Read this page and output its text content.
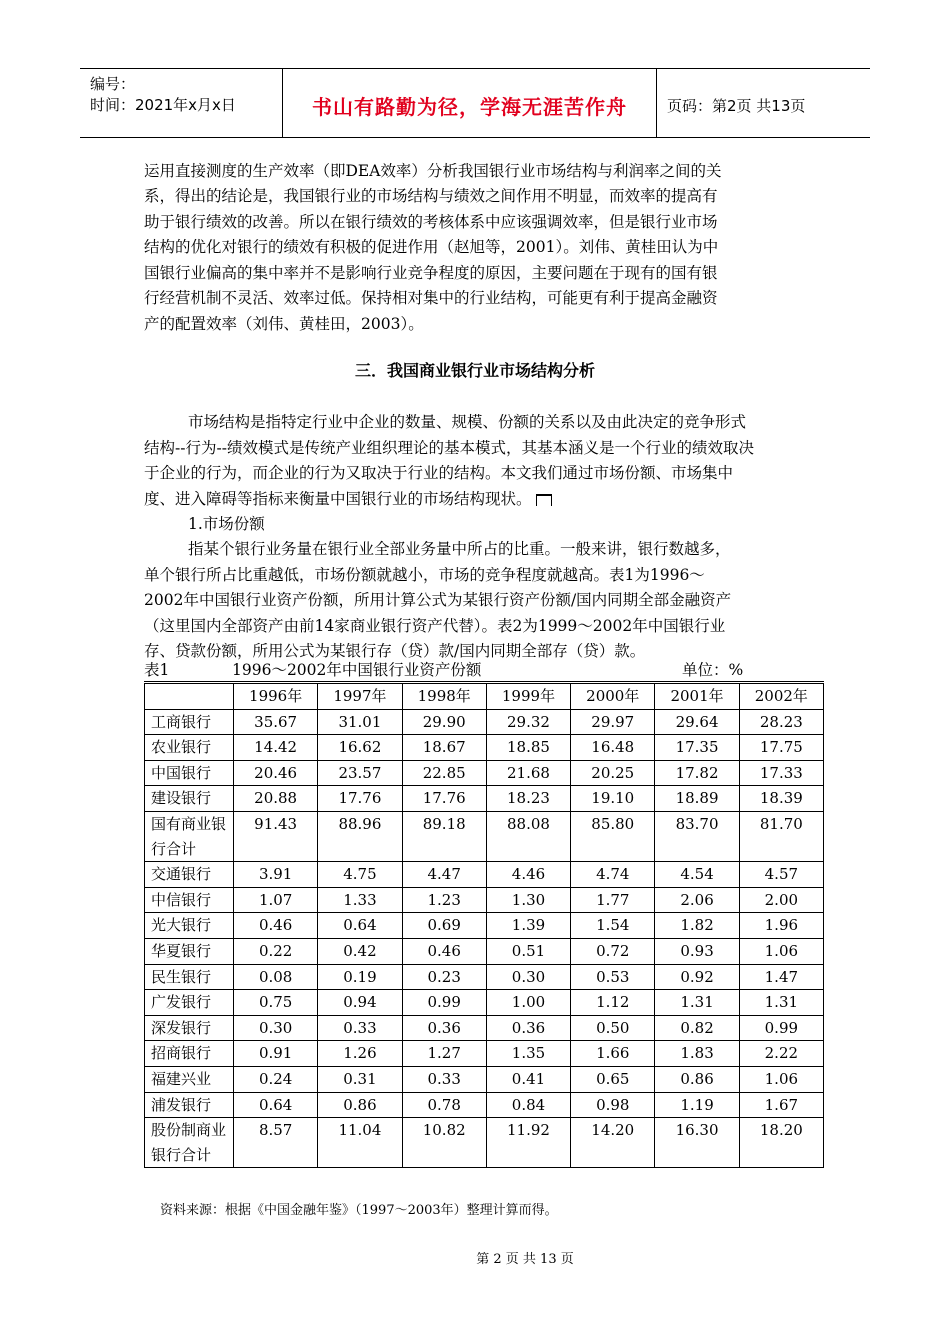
编号：
时间：2021年x月x日	书山有路勤为径，学海无涯苦作舟	页码：第2页 共13页
运用直接测度的生产效率（即DEA效率）分析我国银行业市场结构与利润率之间的关
系，得出的结论是，我国银行业的市场结构与绩效之间作用不明显，而效率的提高有
助于银行绩效的改善。所以在银行绩效的考核体系中应该强调效率，但是银行业市场
结构的优化对银行的绩效有积极的促进作用（赵旭等，2001）。刘伟、黄桂田认为中
国银行业偏高的集中率并不是影响行业竞争程度的原因，主要问题在于现有的国有银
行经营机制不灵活、效率过低。保持相对集中的行业结构，可能更有利于提高金融资
产的配置效率（刘伟、黄桂田，2003）。
三．我国商业银行业市场结构分析
市场结构是指特定行业中企业的数量、规模、份额的关系以及由此决定的竞争形式
结构--行为--绩效模式是传统产业组织理论的基本模式，其基本涵义是一个行业的绩效取决
于企业的行为，而企业的行为又取决于行业的结构。本文我们通过市场份额、市场集中
度、进入障碍等指标来衡量中国银行业的市场结构现状。
1.市场份额
指某个银行业务量在银行业全部业务量中所占的比重。一般来讲，银行数越多，
单个银行所占比重越低，市场份额就越小，市场的竞争程度就越高。表1为1996～
2002年中国银行业资产份额，所用计算公式为某银行资产份额/国内同期全部金融资产
（这里国内全部资产由前14家商业银行资产代替）。表2为1999～2002年中国银行业
存、贷款份额，所用公式为某银行存（贷）款/国内同期全部存（贷）款。
表1	1996～2002年中国银行业资产份额	单位：%
	1996年	1997年	1998年	1999年	2000年	2001年	2002年
工商银行	35.67	31.01	29.90	29.32	29.97	29.64	28.23
农业银行	14.42	16.62	18.67	18.85	16.48	17.35	17.75
中国银行	20.46	23.57	22.85	21.68	20.25	17.82	17.33
建设银行	20.88	17.76	17.76	18.23	19.10	18.89	18.39
国有商业银行合计	91.43	88.96	89.18	88.08	85.80	83.70	81.70
交通银行	3.91	4.75	4.47	4.46	4.74	4.54	4.57
中信银行	1.07	1.33	1.23	1.30	1.77	2.06	2.00
光大银行	0.46	0.64	0.69	1.39	1.54	1.82	1.96
华夏银行	0.22	0.42	0.46	0.51	0.72	0.93	1.06
民生银行	0.08	0.19	0.23	0.30	0.53	0.92	1.47
广发银行	0.75	0.94	0.99	1.00	1.12	1.31	1.31
深发银行	0.30	0.33	0.36	0.36	0.50	0.82	0.99
招商银行	0.91	1.26	1.27	1.35	1.66	1.83	2.22
福建兴业	0.24	0.31	0.33	0.41	0.65	0.86	1.06
浦发银行	0.64	0.86	0.78	0.84	0.98	1.19	1.67
股份制商业银行合计	8.57	11.04	10.82	11.92	14.20	16.30	18.20
资料来源：根据《中国金融年鉴》（1997～2003年）整理计算而得。
第 2 页 共 13 页
